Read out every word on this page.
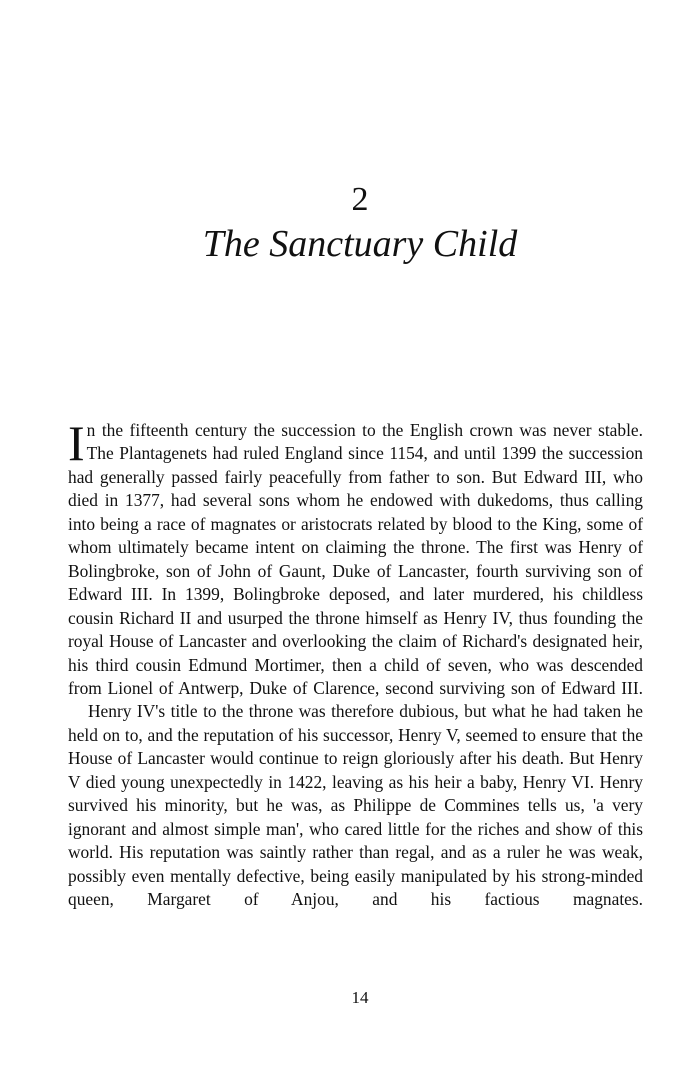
2
The Sanctuary Child

In the fifteenth century the succession to the English crown was never stable. The Plantagenets had ruled England since 1154, and until 1399 the succession had generally passed fairly peacefully from father to son. But Edward III, who died in 1377, had several sons whom he endowed with dukedoms, thus calling into being a race of magnates or aristocrats related by blood to the King, some of whom ultimately became intent on claiming the throne. The first was Henry of Bolingbroke, son of John of Gaunt, Duke of Lancaster, fourth surviving son of Edward III. In 1399, Bolingbroke deposed, and later murdered, his childless cousin Richard II and usurped the throne himself as Henry IV, thus founding the royal House of Lancaster and overlooking the claim of Richard's designated heir, his third cousin Edmund Mortimer, then a child of seven, who was descended from Lionel of Antwerp, Duke of Clarence, second surviving son of Edward III.

Henry IV's title to the throne was therefore dubious, but what he had taken he held on to, and the reputation of his successor, Henry V, seemed to ensure that the House of Lancaster would continue to reign gloriously after his death. But Henry V died young unexpectedly in 1422, leaving as his heir a baby, Henry VI. Henry survived his minority, but he was, as Philippe de Commines tells us, 'a very ignorant and almost simple man', who cared little for the riches and show of this world. His reputation was saintly rather than regal, and as a ruler he was weak, possibly even mentally defective, being easily manipulated by his strong-minded queen, Margaret of Anjou, and his factious magnates.

14
